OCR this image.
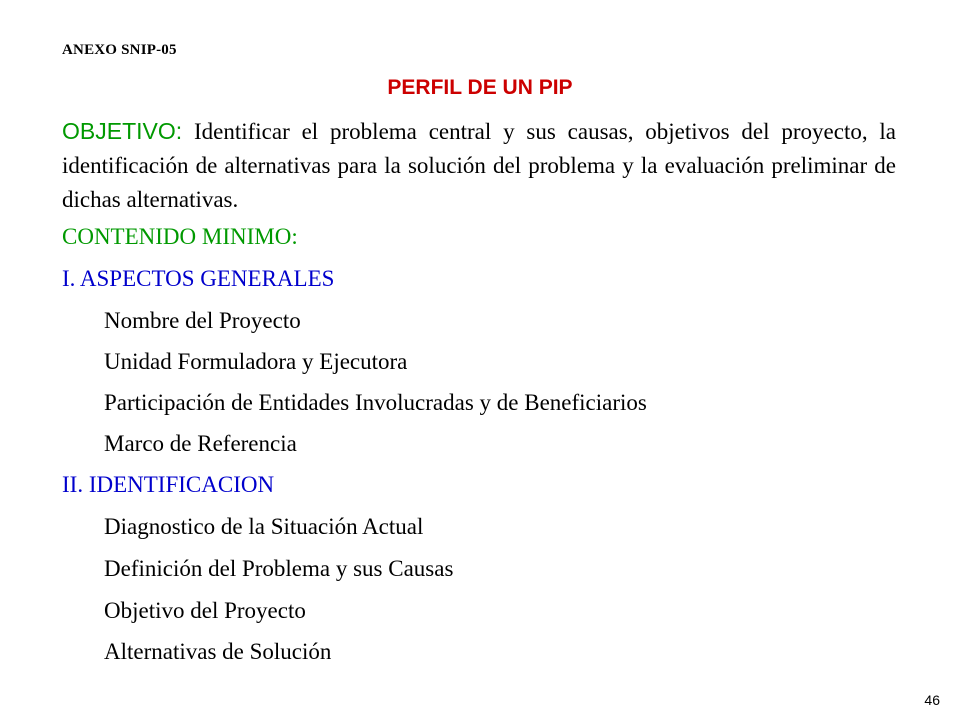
ANEXO SNIP-05
PERFIL DE UN PIP
OBJETIVO: Identificar el problema central y sus causas, objetivos del proyecto, la identificación de alternativas para la solución del problema y la evaluación preliminar de dichas alternativas.
CONTENIDO MINIMO:
I. ASPECTOS GENERALES
Nombre del Proyecto
Unidad Formuladora y Ejecutora
Participación de Entidades Involucradas y de Beneficiarios
Marco de Referencia
II. IDENTIFICACION
Diagnostico de la Situación Actual
Definición del Problema y sus Causas
Objetivo del Proyecto
Alternativas de Solución
46
